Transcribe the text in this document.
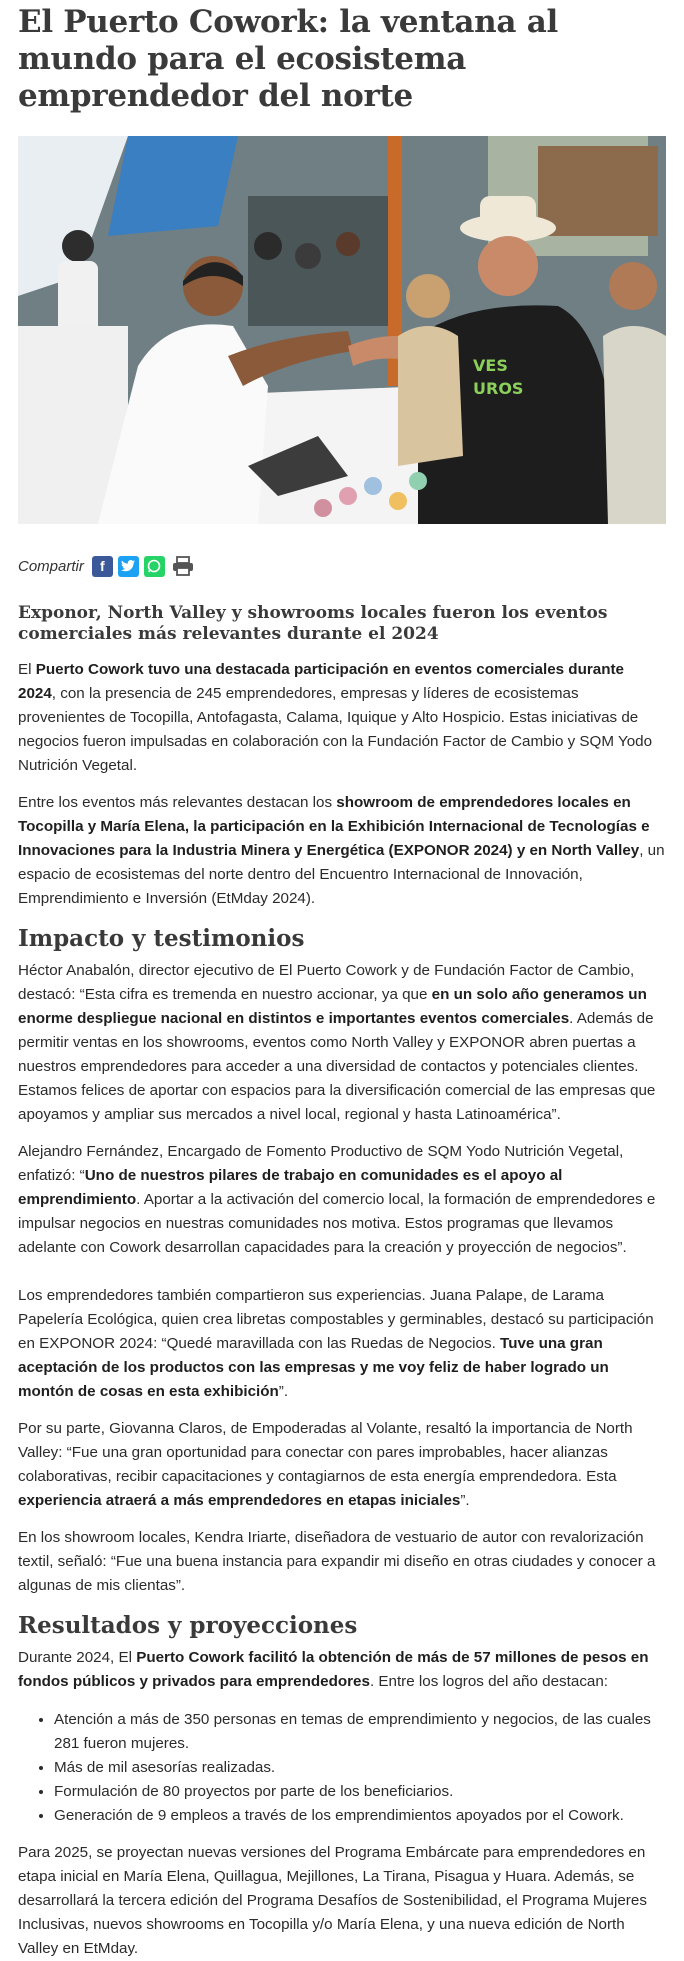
El Puerto Cowork: la ventana al mundo para el ecosistema emprendedor del norte
VES
UROS
Compartir	f
Exponor, North Valley y showrooms locales fueron los eventos comerciales más relevantes durante el 2024

El Puerto Cowork tuvo una destacada participación en eventos comerciales durante 2024, con la presencia de 245 emprendedores, empresas y líderes de ecosistemas provenientes de Tocopilla, Antofagasta, Calama, Iquique y Alto Hospicio. Estas iniciativas de negocios fueron impulsadas en colaboración con la Fundación Factor de Cambio y SQM Yodo Nutrición Vegetal.

Entre los eventos más relevantes destacan los showroom de emprendedores locales en Tocopilla y María Elena, la participación en la Exhibición Internacional de Tecnologías e Innovaciones para la Industria Minera y Energética (EXPONOR 2024) y en North Valley, un espacio de ecosistemas del norte dentro del Encuentro Internacional de Innovación, Emprendimiento e Inversión (EtMday 2024).

Impacto y testimonios

Héctor Anabalón, director ejecutivo de El Puerto Cowork y de Fundación Factor de Cambio, destacó: “Esta cifra es tremenda en nuestro accionar, ya que en un solo año generamos un enorme despliegue nacional en distintos e importantes eventos comerciales. Además de permitir ventas en los showrooms, eventos como North Valley y EXPONOR abren puertas a nuestros emprendedores para acceder a una diversidad de contactos y potenciales clientes. Estamos felices de aportar con espacios para la diversificación comercial de las empresas que apoyamos y ampliar sus mercados a nivel local, regional y hasta Latinoamérica”.

Alejandro Fernández, Encargado de Fomento Productivo de SQM Yodo Nutrición Vegetal, enfatizó: “Uno de nuestros pilares de trabajo en comunidades es el apoyo al emprendimiento. Aportar a la activación del comercio local, la formación de emprendedores e impulsar negocios en nuestras comunidades nos motiva. Estos programas que llevamos adelante con Cowork desarrollan capacidades para la creación y proyección de negocios”.

Los emprendedores también compartieron sus experiencias. Juana Palape, de Larama Papelería Ecológica, quien crea libretas compostables y germinables, destacó su participación en EXPONOR 2024: “Quedé maravillada con las Ruedas de Negocios. Tuve una gran aceptación de los productos con las empresas y me voy feliz de haber logrado un montón de cosas en esta exhibición”.

Por su parte, Giovanna Claros, de Empoderadas al Volante, resaltó la importancia de North Valley: “Fue una gran oportunidad para conectar con pares improbables, hacer alianzas colaborativas, recibir capacitaciones y contagiarnos de esta energía emprendedora. Esta experiencia atraerá a más emprendedores en etapas iniciales”.

En los showroom locales, Kendra Iriarte, diseñadora de vestuario de autor con revalorización textil, señaló: “Fue una buena instancia para expandir mi diseño en otras ciudades y conocer a algunas de mis clientas”.

Resultados y proyecciones

Durante 2024, El Puerto Cowork facilitó la obtención de más de 57 millones de pesos en fondos públicos y privados para emprendedores. Entre los logros del año destacan:

• Atención a más de 350 personas en temas de emprendimiento y negocios, de las cuales 281 fueron mujeres.
• Más de mil asesorías realizadas.
• Formulación de 80 proyectos por parte de los beneficiarios.
• Generación de 9 empleos a través de los emprendimientos apoyados por el Cowork.

Para 2025, se proyectan nuevas versiones del Programa Embárcate para emprendedores en etapa inicial en María Elena, Quillagua, Mejillones, La Tirana, Pisagua y Huara. Además, se desarrollará la tercera edición del Programa Desafíos de Sostenibilidad, el Programa Mujeres Inclusivas, nuevos showrooms en Tocopilla y/o María Elena, y una nueva edición de North Valley en EtMday.
